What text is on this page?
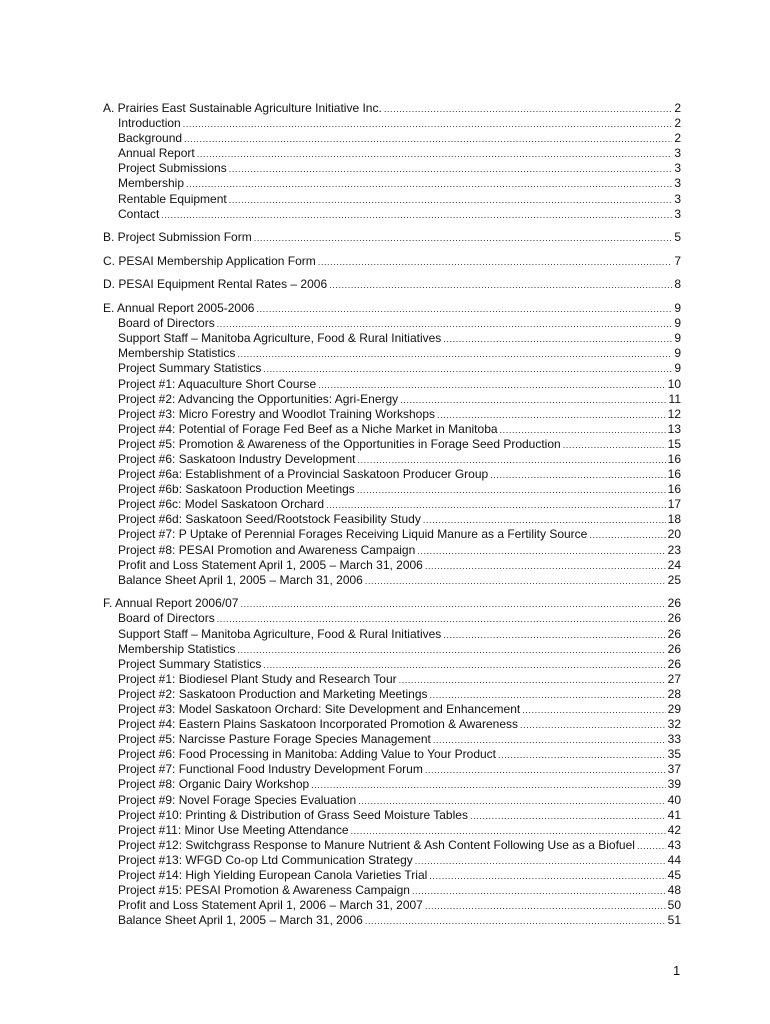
A. Prairies East Sustainable Agriculture Initiative Inc. .....	2
Introduction .....	2
Background .....	2
Annual Report .....	3
Project Submissions .....	3
Membership .....	3
Rentable Equipment .....	3
Contact .....	3
B. Project Submission Form .....	5
C. PESAI Membership Application Form .....	7
D. PESAI Equipment Rental Rates – 2006 .....	8
E. Annual Report 2005-2006 .....	9
Board of Directors .....	9
Support Staff – Manitoba Agriculture, Food & Rural Initiatives .....	9
Membership Statistics .....	9
Project Summary Statistics .....	9
Project #1: Aquaculture Short Course .....	10
Project #2: Advancing the Opportunities: Agri-Energy .....	11
Project #3: Micro Forestry and Woodlot Training Workshops .....	12
Project #4: Potential of Forage Fed Beef as a Niche Market in Manitoba .....	13
Project #5: Promotion & Awareness of the Opportunities in Forage Seed Production .....	15
Project #6: Saskatoon Industry Development .....	16
Project #6a: Establishment of a Provincial Saskatoon Producer Group .....	16
Project #6b: Saskatoon Production Meetings .....	16
Project #6c: Model Saskatoon Orchard .....	17
Project #6d: Saskatoon Seed/Rootstock Feasibility Study .....	18
Project #7: P Uptake of Perennial Forages Receiving Liquid Manure as a Fertility Source .....	20
Project #8: PESAI Promotion and Awareness Campaign .....	23
Profit and Loss Statement April 1, 2005 – March 31, 2006 .....	24
Balance Sheet April 1, 2005 – March 31, 2006 .....	25
F. Annual Report 2006/07 .....	26
Board of Directors .....	26
Support Staff – Manitoba Agriculture, Food & Rural Initiatives .....	26
Membership Statistics .....	26
Project Summary Statistics .....	26
Project #1: Biodiesel Plant Study and Research Tour .....	27
Project #2: Saskatoon Production and Marketing Meetings .....	28
Project #3: Model Saskatoon Orchard: Site Development and Enhancement .....	29
Project #4: Eastern Plains Saskatoon Incorporated Promotion & Awareness .....	32
Project #5: Narcisse Pasture Forage Species Management .....	33
Project #6: Food Processing in Manitoba: Adding Value to Your Product .....	35
Project #7: Functional Food Industry Development Forum .....	37
Project #8: Organic Dairy Workshop .....	39
Project #9: Novel Forage Species Evaluation .....	40
Project #10: Printing & Distribution of Grass Seed Moisture Tables .....	41
Project #11: Minor Use Meeting Attendance .....	42
Project #12: Switchgrass Response to Manure Nutrient & Ash Content Following Use as a Biofuel .....	43
Project #13: WFGD Co-op Ltd Communication Strategy .....	44
Project #14: High Yielding European Canola Varieties Trial .....	45
Project #15: PESAI Promotion & Awareness Campaign .....	48
Profit and Loss Statement April 1, 2006 – March 31, 2007 .....	50
Balance Sheet April 1, 2005 – March 31, 2006 .....	51
1
